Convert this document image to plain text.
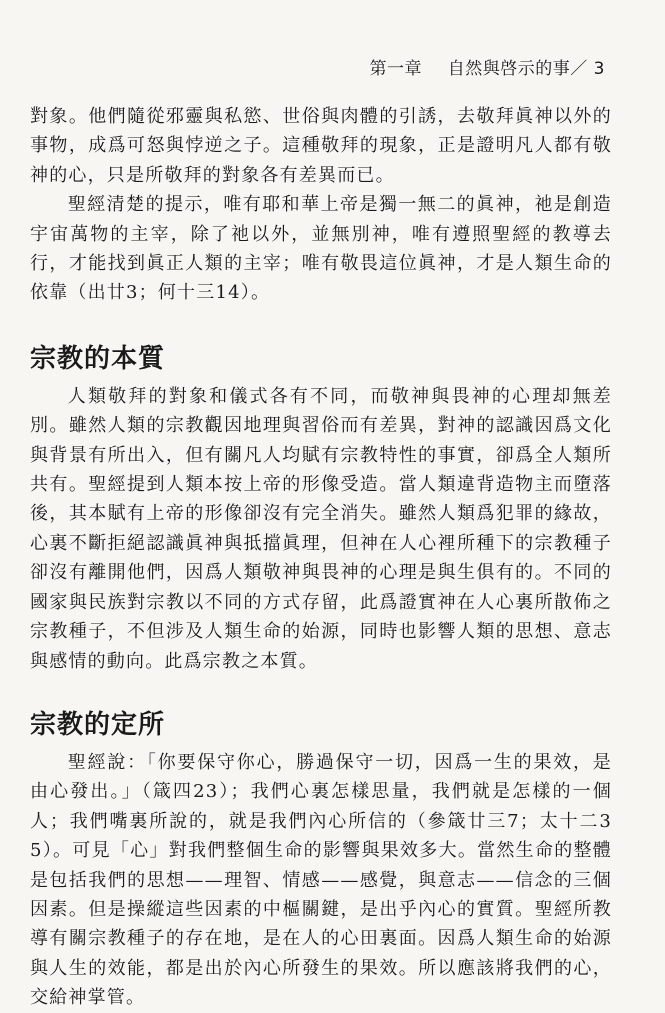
第一章 自然與啓示的事／ 3

對象。他們隨從邪靈與私慾、世俗與肉體的引誘，去敬拜眞神以外的事物，成爲可怒與悖逆之子。這種敬拜的現象，正是證明凡人都有敬神的心，只是所敬拜的對象各有差異而已。

聖經清楚的提示，唯有耶和華上帝是獨一無二的眞神，祂是創造宇宙萬物的主宰，除了祂以外，並無別神，唯有遵照聖經的教導去行，才能找到眞正人類的主宰；唯有敬畏這位眞神，才是人類生命的依靠（出廿3；何十三14）。

宗教的本質

人類敬拜的對象和儀式各有不同，而敬神與畏神的心理却無差別。雖然人類的宗教觀因地理與習俗而有差異，對神的認識因爲文化與背景有所出入，但有關凡人均賦有宗教特性的事實，卻爲全人類所共有。聖經提到人類本按上帝的形像受造。當人類違背造物主而墮落後，其本賦有上帝的形像卻沒有完全消失。雖然人類爲犯罪的緣故，心裏不斷拒絕認識眞神與抵擋眞理，但神在人心裡所種下的宗教種子卻沒有離開他們，因爲人類敬神與畏神的心理是與生俱有的。不同的國家與民族對宗教以不同的方式存留，此爲證實神在人心裏所散佈之宗教種子，不但涉及人類生命的始源，同時也影響人類的思想、意志與感情的動向。此爲宗教之本質。

宗教的定所

聖經說：「你要保守你心，勝過保守一切，因爲一生的果效，是由心發出。」（箴四23）；我們心裏怎樣思量，我們就是怎樣的一個人；我們嘴裏所說的，就是我們內心所信的（參箴廿三7；太十二35）。可見「心」對我們整個生命的影響與果效多大。當然生命的整體是包括我們的思想——理智、情感——感覺，與意志——信念的三個因素。但是操縱這些因素的中樞關鍵，是出乎內心的實質。聖經所教導有關宗教種子的存在地，是在人的心田裏面。因爲人類生命的始源與人生的效能，都是出於內心所發生的果效。所以應該將我們的心，交給神掌管。
